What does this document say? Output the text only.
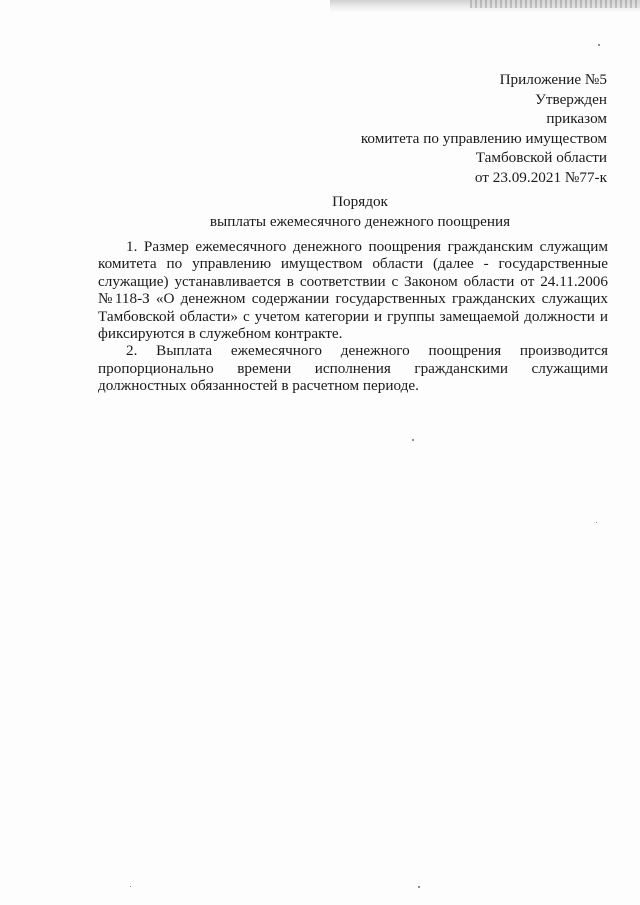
Приложение №5
Утвержден
приказом
комитета по управлению имуществом
Тамбовской области
от 23.09.2021 №77-к
Порядок
выплаты ежемесячного денежного поощрения

1. Размер ежемесячного денежного поощрения гражданским служащим комитета по управлению имуществом области (далее - государственные служащие) устанавливается в соответствии с Законом области от 24.11.2006 №118-З «О денежном содержании государственных гражданских служащих Тамбовской области» с учетом категории и группы замещаемой должности и фиксируются в служебном контракте.

2. Выплата ежемесячного денежного поощрения производится пропорционально времени исполнения гражданскими служащими должностных обязанностей в расчетном периоде.
